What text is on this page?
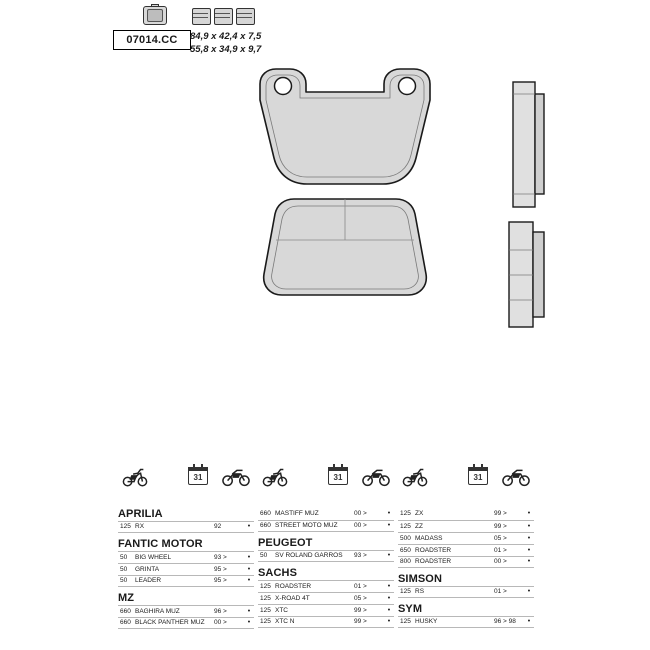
07014.CC 84,9 x 42,4 x 7,5
55,8 x 34,9 x 9,7
31	31	31
APRILIA
125 RX	92	•
FANTIC MOTOR
50	BIG WHEEL	93 >	•
50	GRINTA	95 >	•
50	LEADER	95 >	•
MZ
660 BAGHIRA MUZ	96 >	•
660 BLACK PANTHER MUZ	00 >	•
660 MASTIFF MUZ	00 >	•
660 STREET MOTO MUZ	00 >	•
PEUGEOT
50	SV ROLAND GARROS	93 >	•
SACHS
125 ROADSTER	01 >	•
125 X-ROAD 4T	05 >	•
125 XTC	99 >	•
125 XTC N	99 >	•
125 ZX	99 >	•
125 ZZ	99 >	•
500 MADASS	05 >	•
650 ROADSTER	01 >	•
800 ROADSTER	00 >	•
SIMSON
125 RS	01 >	•
SYM
125 HUSKY	96 > 98	•
